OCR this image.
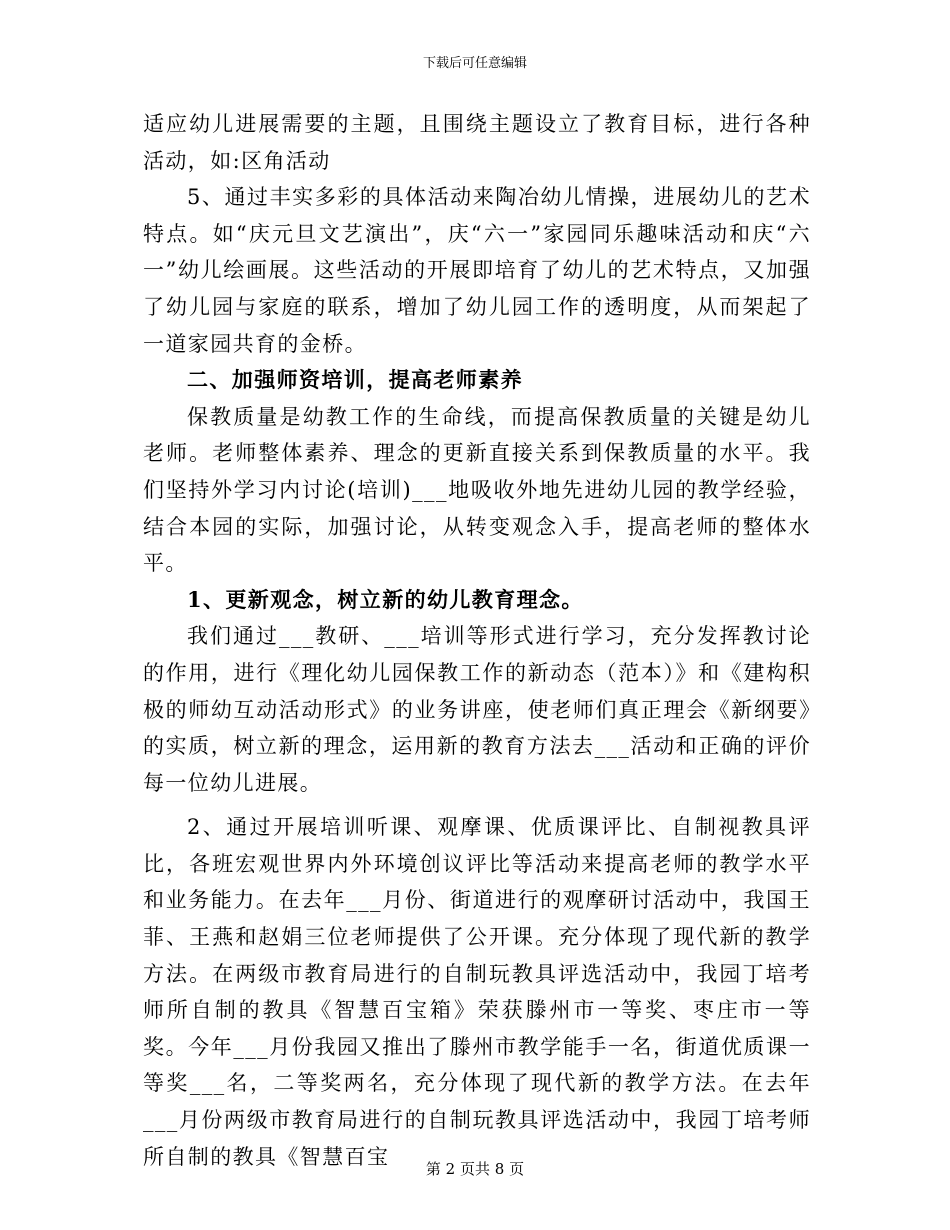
下载后可任意编辑

适应幼儿进展需要的主题，且围绕主题设立了教育目标，进行各种活动，如:区角活动

5、通过丰实多彩的具体活动来陶冶幼儿情操，进展幼儿的艺术特点。如“庆元旦文艺演出”，庆“六一”家园同乐趣味活动和庆“六一”幼儿绘画展。这些活动的开展即培育了幼儿的艺术特点，又加强了幼儿园与家庭的联系，增加了幼儿园工作的透明度，从而架起了一道家园共育的金桥。

二、加强师资培训，提高老师素养

保教质量是幼教工作的生命线，而提高保教质量的关键是幼儿老师。老师整体素养、理念的更新直接关系到保教质量的水平。我们坚持外学习内讨论(培训)___地吸收外地先进幼儿园的教学经验，结合本园的实际，加强讨论，从转变观念入手，提高老师的整体水平。

1、更新观念，树立新的幼儿教育理念。

我们通过___教研、___培训等形式进行学习，充分发挥教讨论的作用，进行《理化幼儿园保教工作的新动态（范本）》和《建构积极的师幼互动活动形式》的业务讲座，使老师们真正理会《新纲要》的实质，树立新的理念，运用新的教育方法去___活动和正确的评价每一位幼儿进展。

2、通过开展培训听课、观摩课、优质课评比、自制视教具评比，各班宏观世界内外环境创议评比等活动来提高老师的教学水平和业务能力。在去年___月份、街道进行的观摩研讨活动中，我国王菲、王燕和赵娟三位老师提供了公开课。充分体现了现代新的教学方法。在两级市教育局进行的自制玩教具评选活动中，我园丁培考师所自制的教具《智慧百宝箱》荣获滕州市一等奖、枣庄市一等奖。今年___月份我园又推出了滕州市教学能手一名，街道优质课一等奖___名，二等奖两名，充分体现了现代新的教学方法。在去年___月份两级市教育局进行的自制玩教具评选活动中，我园丁培考师所自制的教具《智慧百宝

第 2 页共 8 页
